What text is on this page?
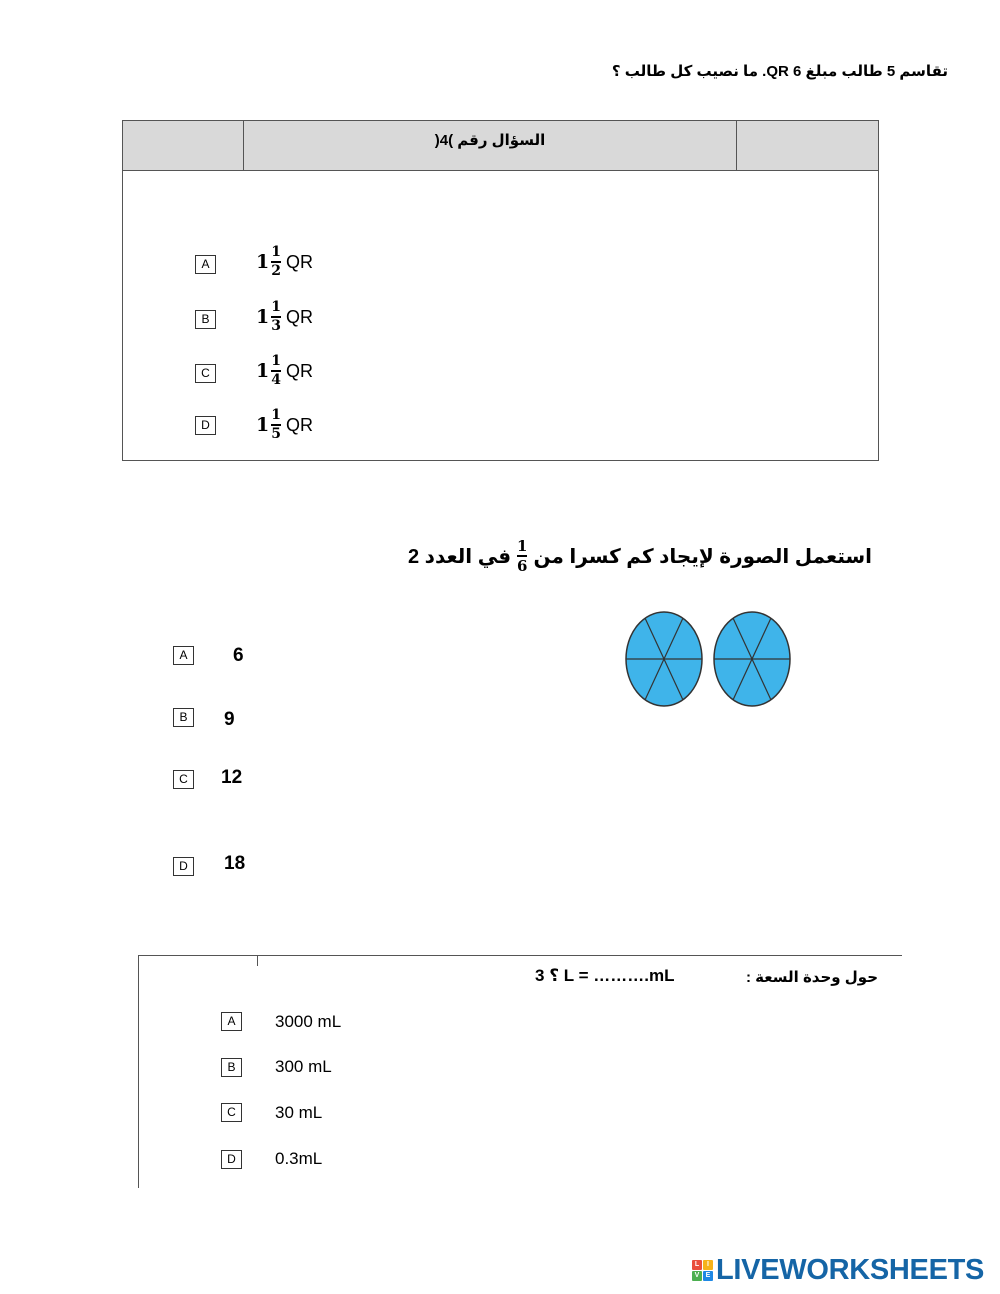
السؤال رقم )4(
تقاسم 5 طالب مبلغ 6 QR. ما نصيب كل طالب ؟
A	$1 \frac{1}{2}$ QR
B	$1 \frac{1}{3}$ QR
C	$1 \frac{1}{4}$ QR
D	$1 \frac{1}{5}$ QR
استعمل الصورة لإيجاد كم كسرا من
$\frac{1}{6}$
في العدد 2
A	6
B	9
C	12
D	18
حول وحدة السعة :
؟ 3 L = ……….mL
A	3000 mL
B	300 mL
C	30 mL
D	0.3mL
L	I
V E LIVEWORKSHEETS
